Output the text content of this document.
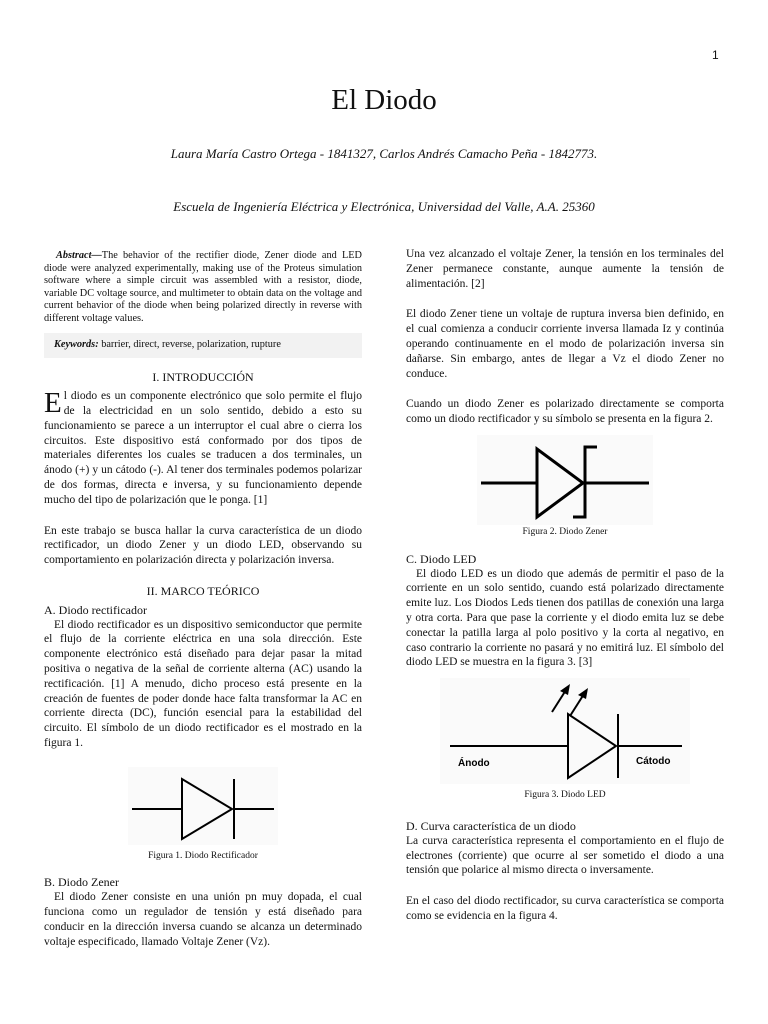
1
El Diodo
Laura María Castro Ortega - 1841327, Carlos Andrés Camacho Peña - 1842773.
Escuela de Ingeniería Eléctrica y Electrónica, Universidad del Valle, A.A. 25360

Abstract—The behavior of the rectifier diode, Zener diode and LED diode were analyzed experimentally, making use of the Proteus simulation software where a simple circuit was assembled with a resistor, diode, variable DC voltage source, and multimeter to obtain data on the voltage and current behavior of the diode when being polarized directly in reverse with different voltage values.

Keywords: barrier, direct, reverse, polarization, rupture

I. INTRODUCCIÓN

El diodo es un componente electrónico que solo permite el flujo de la electricidad en un solo sentido, debido a esto su funcionamiento se parece a un interruptor el cual abre o cierra los circuitos. Este dispositivo está conformado por dos tipos de materiales diferentes los cuales se traducen a dos terminales, un ánodo (+) y un cátodo (-). Al tener dos terminales podemos polarizar de dos formas, directa e inversa, y su funcionamiento depende mucho del tipo de polarización que le ponga. [1]

En este trabajo se busca hallar la curva característica de un diodo rectificador, un diodo Zener y un diodo LED, observando su comportamiento en polarización directa y polarización inversa.

II. MARCO TEÓRICO

A. Diodo rectificador

El diodo rectificador es un dispositivo semiconductor que permite el flujo de la corriente eléctrica en una sola dirección. Este componente electrónico está diseñado para dejar pasar la mitad positiva o negativa de la señal de corriente alterna (AC) usando la rectificación. [1] A menudo, dicho proceso está presente en la creación de fuentes de poder donde hace falta transformar la AC en corriente directa (DC), función esencial para la estabilidad del circuito. El símbolo de un diodo rectificador es el mostrado en la figura 1.

Figura 1. Diodo Rectificador

B. Diodo Zener

El diodo Zener consiste en una unión pn muy dopada, el cual funciona como un regulador de tensión y está diseñado para conducir en la dirección inversa cuando se alcanza un determinado voltaje especificado, llamado Voltaje Zener (Vz).

Una vez alcanzado el voltaje Zener, la tensión en los terminales del Zener permanece constante, aunque aumente la tensión de alimentación. [2]

El diodo Zener tiene un voltaje de ruptura inversa bien definido, en el cual comienza a conducir corriente inversa llamada Iz y continúa operando continuamente en el modo de polarización inversa sin dañarse. Sin embargo, antes de llegar a Vz el diodo Zener no conduce.

Cuando un diodo Zener es polarizado directamente se comporta como un diodo rectificador y su símbolo se presenta en la figura 2.

Figura 2. Diodo Zener

C. Diodo LED

El diodo LED es un diodo que además de permitir el paso de la corriente en un solo sentido, cuando está polarizado directamente emite luz. Los Diodos Leds tienen dos patillas de conexión una larga y otra corta. Para que pase la corriente y el diodo emita luz se debe conectar la patilla larga al polo positivo y la corta al negativo, en caso contrario la corriente no pasará y no emitirá luz. El símbolo del diodo LED se muestra en la figura 3. [3]

Ánodo	Cátodo

Figura 3. Diodo LED

D. Curva característica de un diodo

La curva característica representa el comportamiento en el flujo de electrones (corriente) que ocurre al ser sometido el diodo a una tensión que polarice al mismo directa o inversamente.

En el caso del diodo rectificador, su curva característica se comporta como se evidencia en la figura 4.
